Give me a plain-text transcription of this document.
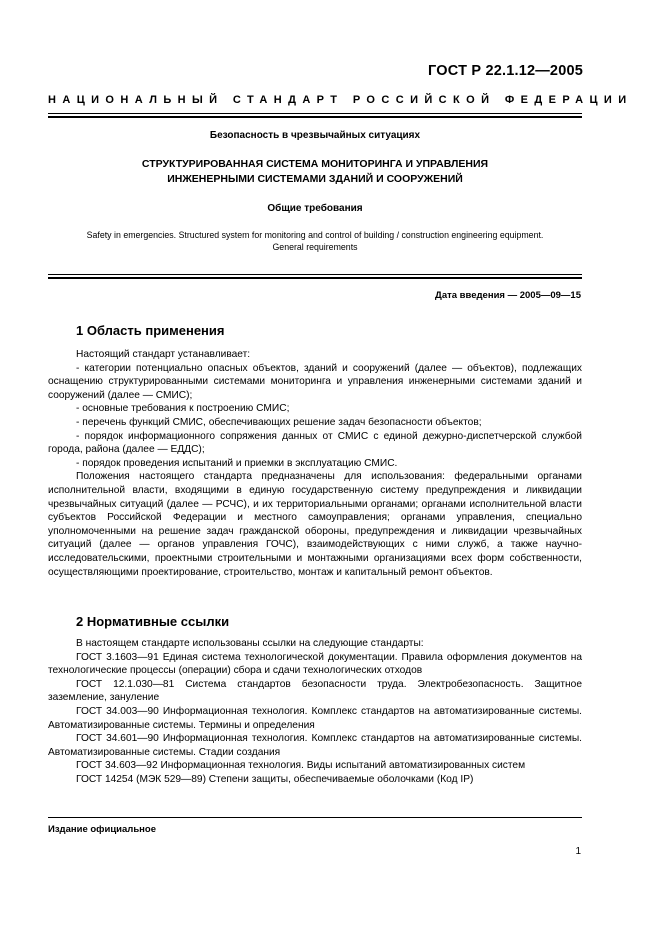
ГОСТ Р 22.1.12—2005
НАЦИОНАЛЬНЫЙ СТАНДАРТ РОССИЙСКОЙ ФЕДЕРАЦИИ
Безопасность в чрезвычайных ситуациях
СТРУКТУРИРОВАННАЯ СИСТЕМА МОНИТОРИНГА И УПРАВЛЕНИЯ
ИНЖЕНЕРНЫМИ СИСТЕМАМИ ЗДАНИЙ И СООРУЖЕНИЙ
Общие требования
Safety in emergencies. Structured system for monitoring and control of building / construction engineering equipment.
General requirements
Дата введения — 2005—09—15
1 Область применения

Настоящий стандарт устанавливает:

- категории потенциально опасных объектов, зданий и сооружений (далее — объектов), подлежащих оснащению структурированными системами мониторинга и управления инженерными системами зданий и сооружений (далее — СМИС);

- основные требования к построению СМИС;

- перечень функций СМИС, обеспечивающих решение задач безопасности объектов;

- порядок информационного сопряжения данных от СМИС с единой дежурно-диспетчерской службой города, района (далее — ЕДДС);

- порядок проведения испытаний и приемки в эксплуатацию СМИС.

Положения настоящего стандарта предназначены для использования: федеральными органами исполнительной власти, входящими в единую государственную систему предупреждения и ликвидации чрезвычайных ситуаций (далее — РСЧС), и их территориальными органами; органами исполнительной власти субъектов Российской Федерации и местного самоуправления; органами управления, специально уполномоченными на решение задач гражданской обороны, предупреждения и ликвидации чрезвычайных ситуаций (далее — органов управления ГОЧС), взаимодействующих с ними служб, а также научно-исследовательскими, проектными строительными и монтажными организациями всех форм собственности, осуществляющими проектирование, строительство, монтаж и капитальный ремонт объектов.

2 Нормативные ссылки

В настоящем стандарте использованы ссылки на следующие стандарты:

ГОСТ 3.1603—91 Единая система технологической документации. Правила оформления документов на технологические процессы (операции) сбора и сдачи технологических отходов

ГОСТ 12.1.030—81 Система стандартов безопасности труда. Электробезопасность. Защитное заземление, зануление

ГОСТ 34.003—90 Информационная технология. Комплекс стандартов на автоматизированные системы. Автоматизированные системы. Термины и определения

ГОСТ 34.601—90 Информационная технология. Комплекс стандартов на автоматизированные системы. Автоматизированные системы. Стадии создания

ГОСТ 34.603—92 Информационная технология. Виды испытаний автоматизированных систем

ГОСТ 14254 (МЭК 529—89) Степени защиты, обеспечиваемые оболочками (Код IP)

Издание официальное
1
